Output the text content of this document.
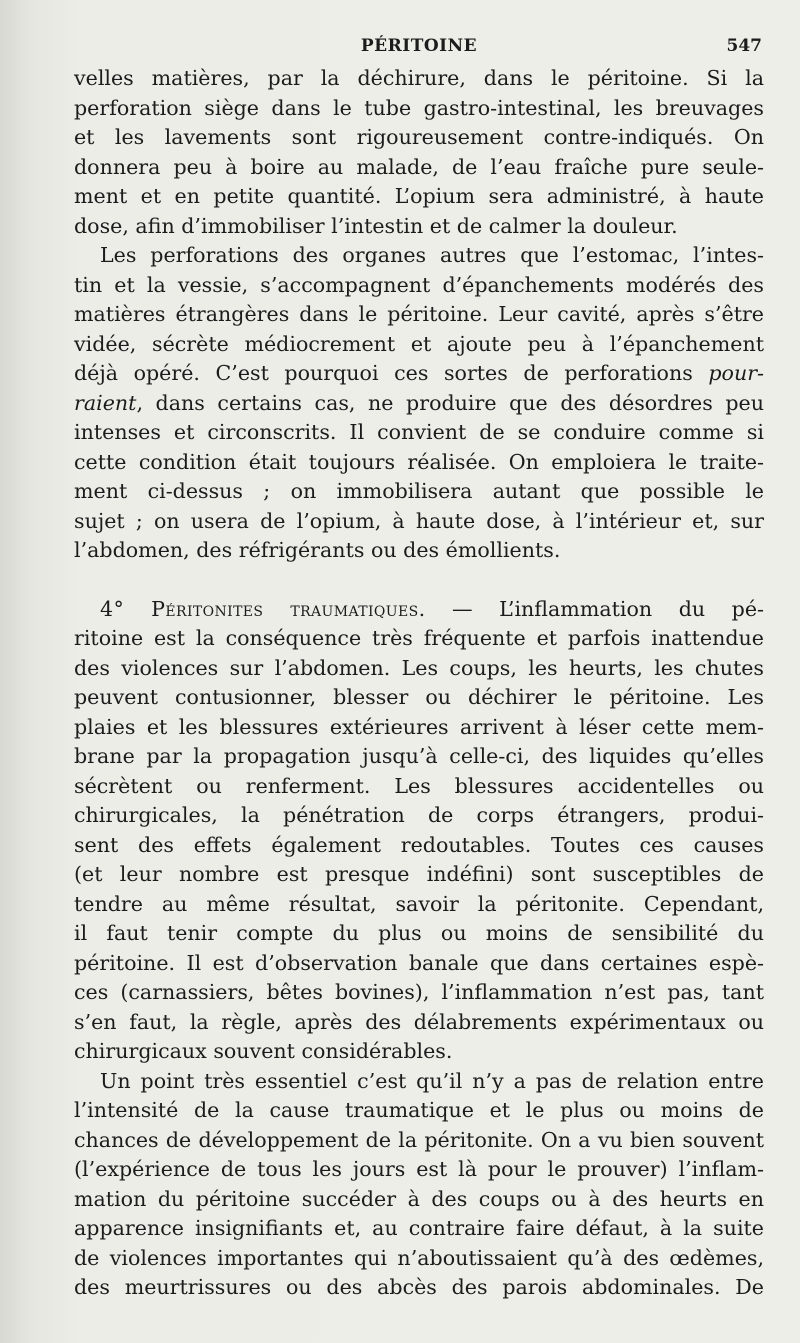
PÉRITOINE	547
velles matières, par la déchirure, dans le péritoine. Si la
perforation siège dans le tube gastro-intestinal, les breuvages
et les lavements sont rigoureusement contre-indiqués. On
donnera peu à boire au malade, de l’eau fraîche pure seule-
ment et en petite quantité. L’opium sera administré, à haute
dose, afin d’immobiliser l’intestin et de calmer la douleur.
Les perforations des organes autres que l’estomac, l’intes-
tin et la vessie, s’accompagnent d’épanchements modérés des
matières étrangères dans le péritoine. Leur cavité, après s’être
vidée, sécrète médiocrement et ajoute peu à l’épanchement
déjà opéré. C’est pourquoi ces sortes de perforations pour-
raient, dans certains cas, ne produire que des désordres peu
intenses et circonscrits. Il convient de se conduire comme si
cette condition était toujours réalisée. On emploiera le traite-
ment ci-dessus ; on immobilisera autant que possible le
sujet ; on usera de l’opium, à haute dose, à l’intérieur et, sur
l’abdomen, des réfrigérants ou des émollients.
4° Péritonites traumatiques. — L’inflammation du pé-
ritoine est la conséquence très fréquente et parfois inattendue
des violences sur l’abdomen. Les coups, les heurts, les chutes
peuvent contusionner, blesser ou déchirer le péritoine. Les
plaies et les blessures extérieures arrivent à léser cette mem-
brane par la propagation jusqu’à celle-ci, des liquides qu’elles
sécrètent ou renferment. Les blessures accidentelles ou
chirurgicales, la pénétration de corps étrangers, produi-
sent des effets également redoutables. Toutes ces causes
(et leur nombre est presque indéfini) sont susceptibles de
tendre au même résultat, savoir la péritonite. Cependant,
il faut tenir compte du plus ou moins de sensibilité du
péritoine. Il est d’observation banale que dans certaines espè-
ces (carnassiers, bêtes bovines), l’inflammation n’est pas, tant
s’en faut, la règle, après des délabrements expérimentaux ou
chirurgicaux souvent considérables.
Un point très essentiel c’est qu’il n’y a pas de relation entre
l’intensité de la cause traumatique et le plus ou moins de
chances de développement de la péritonite. On a vu bien souvent
(l’expérience de tous les jours est là pour le prouver) l’inflam-
mation du péritoine succéder à des coups ou à des heurts en
apparence insignifiants et, au contraire faire défaut, à la suite
de violences importantes qui n’aboutissaient qu’à des œdèmes,
des meurtrissures ou des abcès des parois abdominales. De
